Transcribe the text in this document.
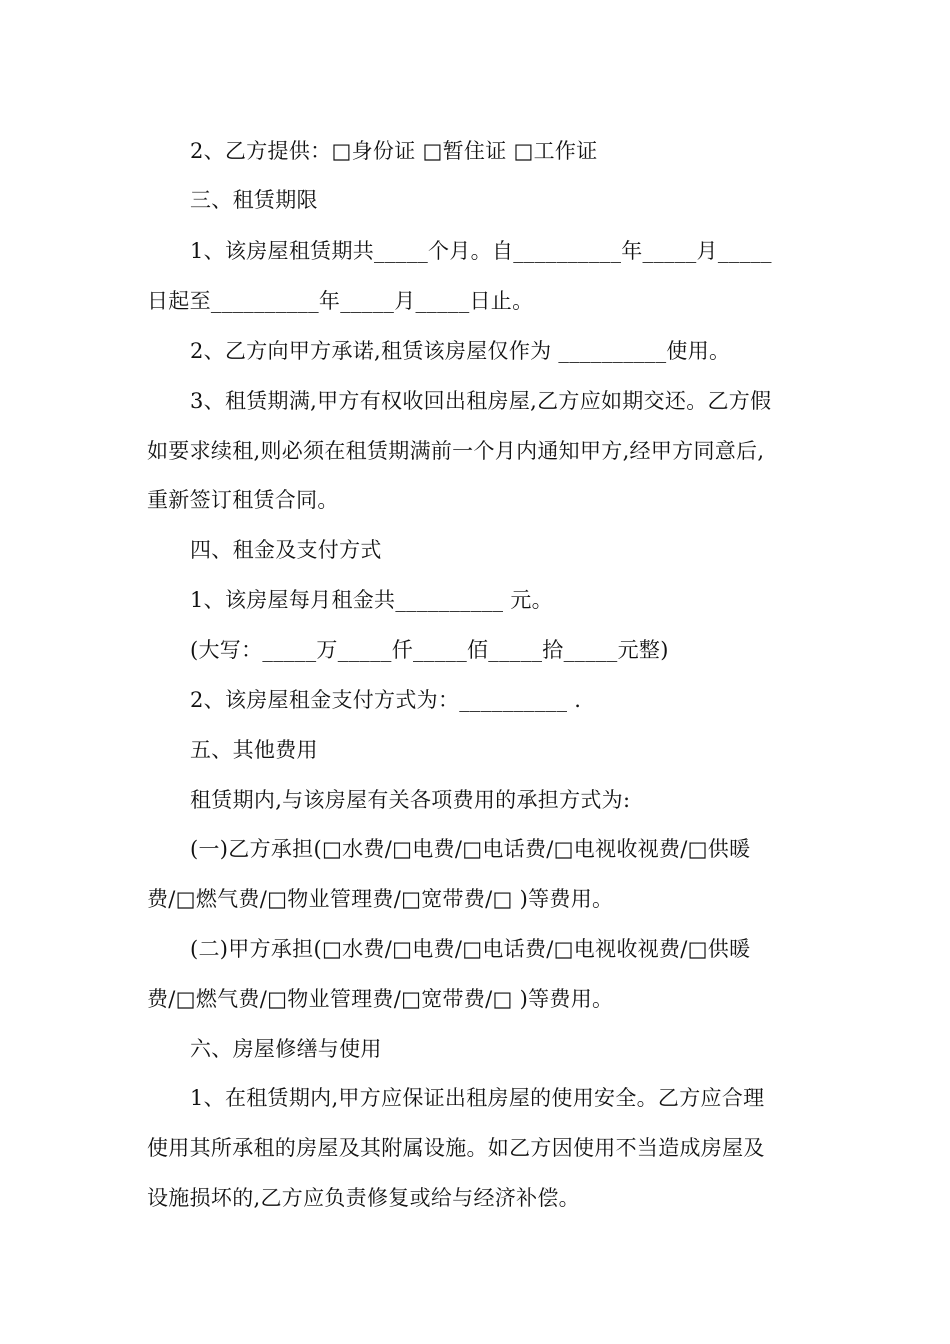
2、乙方提供：□身份证 □暂住证 □工作证
三、租赁期限
1、该房屋租赁期共_____个月。自__________年_____月_____
日起至__________年_____月_____日止。
2、乙方向甲方承诺,租赁该房屋仅作为 __________使用。
3、租赁期满,甲方有权收回出租房屋,乙方应如期交还。乙方假
如要求续租,则必须在租赁期满前一个月内通知甲方,经甲方同意后,
重新签订租赁合同。
四、租金及支付方式
1、该房屋每月租金共__________ 元。
(大写：_____万_____仟_____佰_____拾_____元整)
2、该房屋租金支付方式为：__________ .
五、其他费用
租赁期内,与该房屋有关各项费用的承担方式为:
(一)乙方承担(□水费/□电费/□电话费/□电视收视费/□供暖
费/□燃气费/□物业管理费/□宽带费/□ )等费用。
(二)甲方承担(□水费/□电费/□电话费/□电视收视费/□供暖
费/□燃气费/□物业管理费/□宽带费/□ )等费用。
六、房屋修缮与使用
1、在租赁期内,甲方应保证出租房屋的使用安全。乙方应合理
使用其所承租的房屋及其附属设施。如乙方因使用不当造成房屋及
设施损坏的,乙方应负责修复或给与经济补偿。
